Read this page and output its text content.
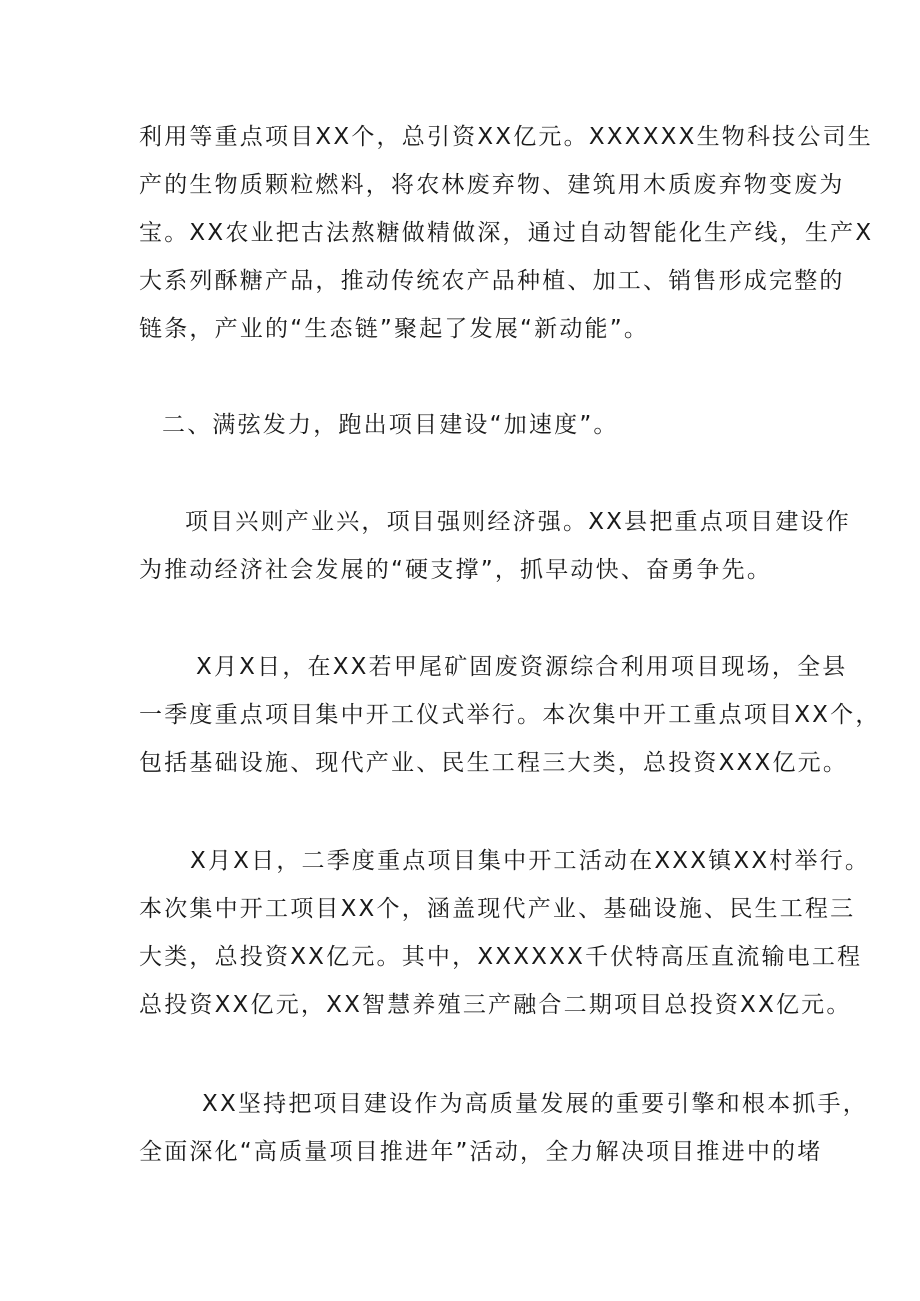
利用等重点项目XX个，总引资XX亿元。XXXXXX生物科技公司生
产的生物质颗粒燃料，将农林废弃物、建筑用木质废弃物变废为
宝。XX农业把古法熬糖做精做深，通过自动智能化生产线，生产X
大系列酥糖产品，推动传统农产品种植、加工、销售形成完整的
链条，产业的“生态链”聚起了发展“新动能”。
二、满弦发力，跑出项目建设“加速度”。
项目兴则产业兴，项目强则经济强。XX县把重点项目建设作
为推动经济社会发展的“硬支撑”，抓早动快、奋勇争先。
X月X日，在XX若甲尾矿固废资源综合利用项目现场，全县
一季度重点项目集中开工仪式举行。本次集中开工重点项目XX个，
包括基础设施、现代产业、民生工程三大类，总投资XXX亿元。
X月X日，二季度重点项目集中开工活动在XXX镇XX村举行。
本次集中开工项目XX个，涵盖现代产业、基础设施、民生工程三
大类，总投资XX亿元。其中，XXXXXX千伏特高压直流输电工程
总投资XX亿元，XX智慧养殖三产融合二期项目总投资XX亿元。
XX坚持把项目建设作为高质量发展的重要引擎和根本抓手，
全面深化“高质量项目推进年”活动，全力解决项目推进中的堵
